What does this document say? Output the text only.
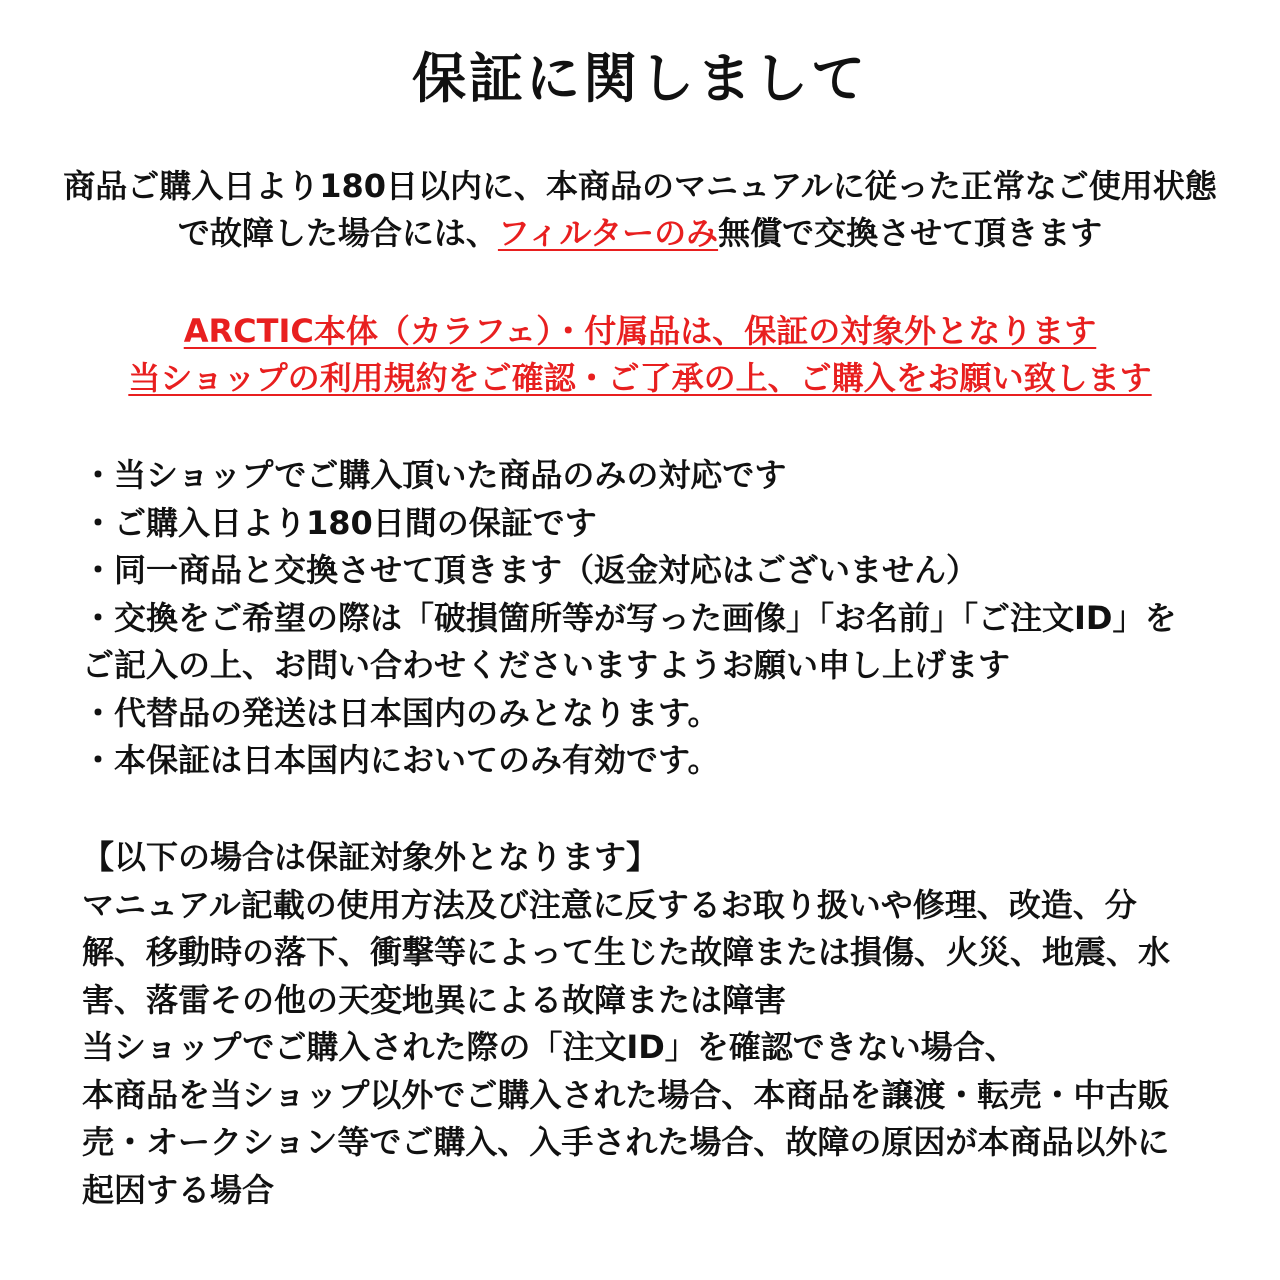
保証に関しまして
商品ご購入日より180日以内に、本商品のマニュアルに従った正常なご使用状態で故障した場合には、フィルターのみ無償で交換させて頂きます
ARCTIC本体（カラフェ）・付属品は、保証の対象外となります
当ショップの利用規約をご確認・ご了承の上、ご購入をお願い致します
・当ショップでご購入頂いた商品のみの対応です
・ご購入日より180日間の保証です
・同一商品と交換させて頂きます（返金対応はございません）
・交換をご希望の際は「破損箇所等が写った画像」「お名前」「ご注文ID」をご記入の上、お問い合わせくださいますようお願い申し上げます
・代替品の発送は日本国内のみとなります。
・本保証は日本国内においてのみ有効です。

【以下の場合は保証対象外となります】

マニュアル記載の使用方法及び注意に反するお取り扱いや修理、改造、分解、移動時の落下、衝撃等によって生じた故障または損傷、火災、地震、水害、落雷その他の天変地異による故障または障害

当ショップでご購入された際の「注文ID」を確認できない場合、

本商品を当ショップ以外でご購入された場合、本商品を譲渡・転売・中古販売・オークション等でご購入、入手された場合、故障の原因が本商品以外に起因する場合
